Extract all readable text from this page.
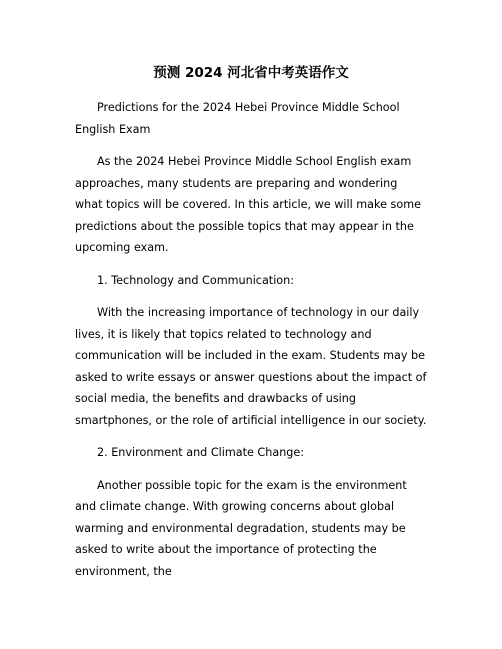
预测 2024 河北省中考英语作文

Predictions for the 2024 Hebei Province Middle School English Exam

As the 2024 Hebei Province Middle School English exam approaches, many students are preparing and wondering what topics will be covered. In this article, we will make some predictions about the possible topics that may appear in the upcoming exam.

1. Technology and Communication:

With the increasing importance of technology in our daily lives, it is likely that topics related to technology and communication will be included in the exam. Students may be asked to write essays or answer questions about the impact of social media, the benefits and drawbacks of using smartphones, or the role of artificial intelligence in our society.

2. Environment and Climate Change:

Another possible topic for the exam is the environment and climate change. With growing concerns about global warming and environmental degradation, students may be asked to write about the importance of protecting the environment, the
